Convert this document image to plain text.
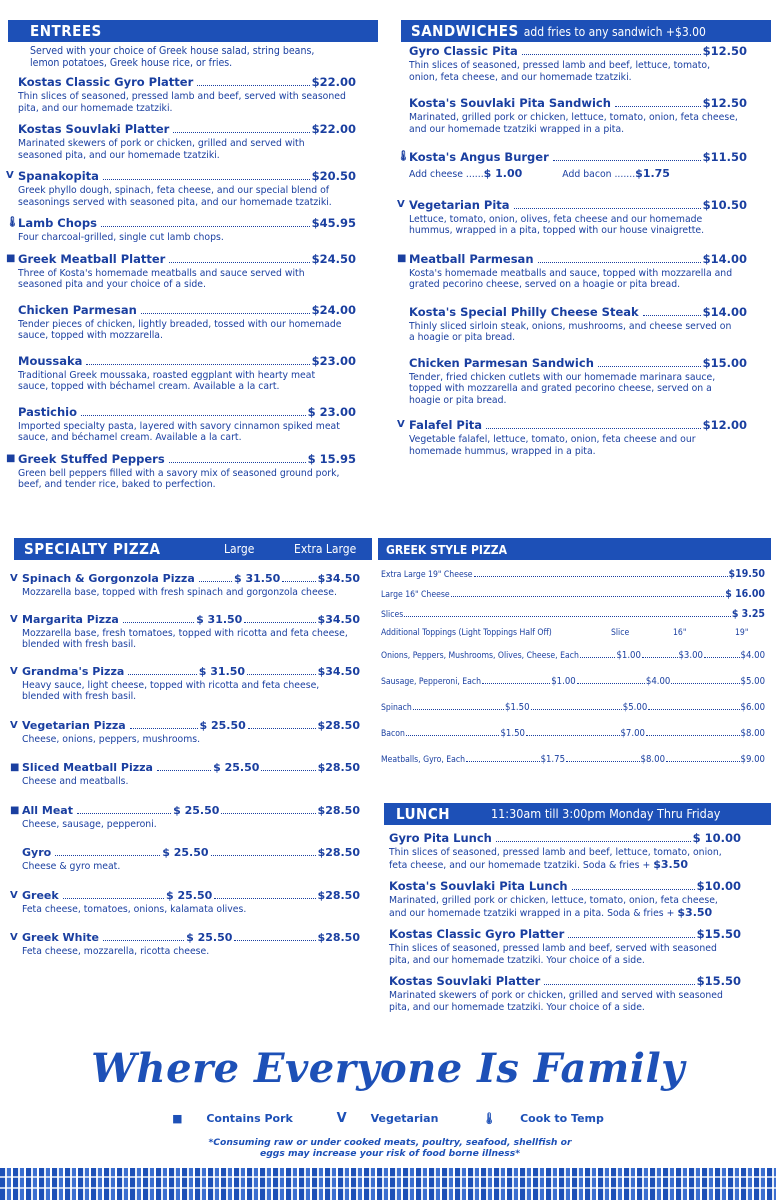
ENTREES
Served with your choice of Greek house salad, string beans, lemon potatoes, Greek house rice, or fries.
Kostas Classic Gyro Platter	$22.00
Thin slices of seasoned, pressed lamb and beef, served with seasoned pita, and our homemade tzatziki.
Kostas Souvlaki Platter	$22.00
Marinated skewers of pork or chicken, grilled and served with seasoned pita, and our homemade tzatziki.
V Spanakopita	$20.50
Greek phyllo dough, spinach, feta cheese, and our special blend of seasonings served with seasoned pita, and our homemade tzatziki.
🌡 Lamb Chops	$45.95
Four charcoal-grilled, single cut lamb chops.
■ Greek Meatball Platter	$24.50
Three of Kosta's homemade meatballs and sauce served with seasoned pita and your choice of a side.
Chicken Parmesan	$24.00
Tender pieces of chicken, lightly breaded, tossed with our homemade sauce, topped with mozzarella.
Moussaka	$23.00
Traditional Greek moussaka, roasted eggplant with hearty meat sauce, topped with béchamel cream. Available a la cart.
Pastichio	$ 23.00
Imported specialty pasta, layered with savory cinnamon spiked meat sauce, and béchamel cream. Available a la cart.
■ Greek Stuffed Peppers	$ 15.95
Green bell peppers filled with a savory mix of seasoned ground pork, beef, and tender rice, baked to perfection.
SANDWICHES add fries to any sandwich +$3.00
Gyro Classic Pita	$12.50
Thin slices of seasoned, pressed lamb and beef, lettuce, tomato, onion, feta cheese, and our homemade tzatziki.
Kosta's Souvlaki Pita Sandwich	$12.50
Marinated, grilled pork or chicken, lettuce, tomato, onion, feta cheese, and our homemade tzatziki wrapped in a pita.
🌡 Kosta's Angus Burger	$11.50
Add cheese ......$ 1.00	Add bacon .......$1.75
V Vegetarian Pita	$10.50
Lettuce, tomato, onion, olives, feta cheese and our homemade hummus, wrapped in a pita, topped with our house vinaigrette.
■ Meatball Parmesan	$14.00
Kosta's homemade meatballs and sauce, topped with mozzarella and grated pecorino cheese, served on a hoagie or pita bread.
Kosta's Special Philly Cheese Steak	$14.00
Thinly sliced sirloin steak, onions, mushrooms, and cheese served on a hoagie or pita bread.
Chicken Parmesan Sandwich	$15.00
Tender, fried chicken cutlets with our homemade marinara sauce, topped with mozzarella and grated pecorino cheese, served on a hoagie or pita bread.
V Falafel Pita	$12.00
Vegetable falafel, lettuce, tomato, onion, feta cheese and our homemade hummus, wrapped in a pita.
SPECIALTY PIZZA	Large	Extra Large
V Spinach & Gorgonzola Pizza	$ 31.50	$34.50
Mozzarella base, topped with fresh spinach and gorgonzola cheese.
V Margarita Pizza	$ 31.50	$34.50
Mozzarella base, fresh tomatoes, topped with ricotta and feta cheese, blended with fresh basil.
V Grandma's Pizza	$ 31.50	$34.50
Heavy sauce, light cheese, topped with ricotta and feta cheese, blended with fresh basil.
V Vegetarian Pizza	$ 25.50	$28.50
Cheese, onions, peppers, mushrooms.
■ Sliced Meatball Pizza	$ 25.50	$28.50
Cheese and meatballs.
■ All Meat	$ 25.50	$28.50
Cheese, sausage, pepperoni.
Gyro	$ 25.50	$28.50
Cheese & gyro meat.
V Greek	$ 25.50	$28.50
Feta cheese, tomatoes, onions, kalamata olives.
V Greek White	$ 25.50	$28.50
Feta cheese, mozzarella, ricotta cheese.
GREEK STYLE PIZZA
Extra Large 19" Cheese	$19.50
Large 16" Cheese	$ 16.00
Slices	$ 3.25
Additional Toppings (Light Toppings Half Off)	Slice	16"	19"
Onions, Peppers, Mushrooms, Olives, Cheese, Each	$1.00	$3.00	$4.00
Sausage, Pepperoni, Each	$1.00	$4.00	$5.00
Spinach	$1.50	$5.00	$6.00
Bacon	$1.50	$7.00	$8.00
Meatballs, Gyro, Each	$1.75	$8.00	$9.00
LUNCH	11:30am till 3:00pm Monday Thru Friday
Gyro Pita Lunch	$ 10.00
Thin slices of seasoned, pressed lamb and beef, lettuce, tomato, onion, feta cheese, and our homemade tzatziki. Soda & fries + $3.50
Kosta's Souvlaki Pita Lunch	$10.00
Marinated, grilled pork or chicken, lettuce, tomato, onion, feta cheese, and our homemade tzatziki wrapped in a pita. Soda & fries + $3.50
Kostas Classic Gyro Platter	$15.50
Thin slices of seasoned, pressed lamb and beef, served with seasoned pita, and our homemade tzatziki. Your choice of a side.
Kostas Souvlaki Platter	$15.50
Marinated skewers of pork or chicken, grilled and served with seasoned pita, and our homemade tzatziki. Your choice of a side.
Where Everyone Is Family
■ Contains Pork	V Vegetarian	🌡 Cook to Temp
*Consuming raw or under cooked meats, poultry, seafood, shellfish or eggs may increase your risk of food borne illness*
